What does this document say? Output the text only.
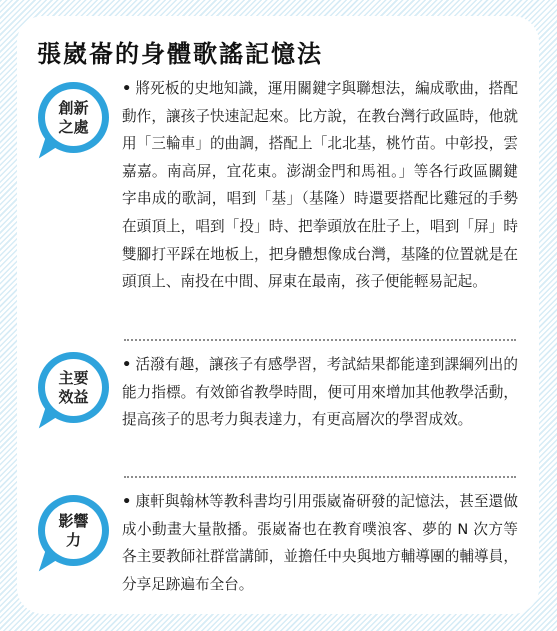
張崴崙的身體歌謠記憶法
創新
之處

• 將死板的史地知識，運用關鍵字與聯想法，編成歌曲，搭配動作，讓孩子快速記起來。比方說，在教台灣行政區時，他就用「三輪車」的曲調，搭配上「北北基，桃竹苗。中彰投，雲嘉嘉。南高屏，宜花東。澎湖金門和馬祖。」等各行政區關鍵字串成的歌詞，唱到「基」（基隆）時還要搭配比雞冠的手勢在頭頂上，唱到「投」時、把拳頭放在肚子上，唱到「屏」時雙腳打平踩在地板上，把身體想像成台灣，基隆的位置就是在頭頂上、南投在中間、屏東在最南，孩子便能輕易記起。

主要
效益

• 活潑有趣，讓孩子有感學習，考試結果都能達到課綱列出的能力指標。有效節省教學時間，便可用來增加其他教學活動，提高孩子的思考力與表達力，有更高層次的學習成效。

影響
力

• 康軒與翰林等教科書均引用張崴崙研發的記憶法，甚至還做成小動畫大量散播。張崴崙也在教育噗浪客、夢的 N 次方等各主要教師社群當講師，並擔任中央與地方輔導團的輔導員，分享足跡遍布全台。
